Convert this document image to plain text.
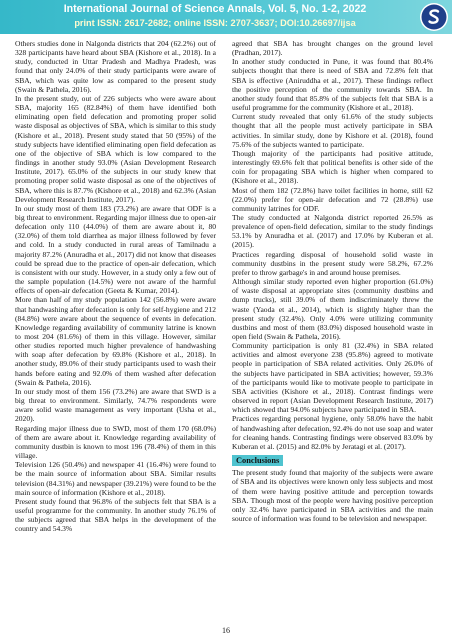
International Journal of Science Annals, Vol. 5, No. 1-2, 2022
print ISSN: 2617-2682; online ISSN: 2707-3637; DOI:10.26697/ijsa

Others studies done in Nalgonda districts that 204 (62.2%) out of 328 participants have heard about SBA (Kishore et al., 2018). In a study, conducted in Uttar Pradesh and Madhya Pradesh, was found that only 24.0% of their study participants were aware of SBA, which was quite low as compared to the present study (Swain & Pathela, 2016).

In the present study, out of 226 subjects who were aware about SBA, majority 165 (82.84%) of them have identified both eliminating open field defecation and promoting proper solid waste disposal as objectives of SBA, which is similar to this study (Kishore et al., 2018). Present study stated that 50 (95%) of the study subjects have identified eliminating open field defecation as one of the objective of SBA which is low compared to the findings in another study 93.0% (Asian Development Research Institute, 2017). 65.0% of the subjects in our study knew that promoting proper solid waste disposal as one of the objectives of SBA, where this is 87.7% (Kishore et al., 2018) and 62.3% (Asian Development Research Institute, 2017).

In our study most of them 183 (73.2%) are aware that ODF is a big threat to environment. Regarding major illness due to open-air defecation only 110 (44.0%) of them are aware about it, 80 (32.0%) of them told diarrhea as major illness followed by fever and cold. In a study conducted in rural areas of Tamilnadu a majority 87.2% (Anuradha et al., 2017) did not know that diseases could be spread due to the practice of open-air defecation, which is consistent with our study. However, in a study only a few out of the sample population (14.5%) were not aware of the harmful effects of open-air defecation (Geeta & Kumar, 2014).

More than half of my study population 142 (56.8%) were aware that handwashing after defecation is only for self-hygiene and 212 (84.8%) were aware about the sequence of events in defecation. Knowledge regarding availability of community latrine is known to most 204 (81.6%) of them in this village. However, similar other studies reported much higher prevalence of handwashing with soap after defecation by 69.8% (Kishore et al., 2018). In another study, 89.0% of their study participants used to wash their hands before eating and 92.0% of them washed after defecation (Swain & Pathela, 2016).

In our study most of them 156 (73.2%) are aware that SWD is a big threat to environment. Similarly, 74.7% respondents were aware solid waste management as very important (Usha et al., 2020).

Regarding major illness due to SWD, most of them 170 (68.0%) of them are aware about it. Knowledge regarding availability of community dustbin is known to most 196 (78.4%) of them in this village.

Television 126 (50.4%) and newspaper 41 (16.4%) were found to be the main source of information about SBA. Similar results television (84.31%) and newspaper (39.21%) were found to be the main source of information (Kishore et al., 2018).

Present study found that 96.8% of the subjects felt that SBA is a useful programme for the community. In another study 76.1% of the subjects agreed that SBA helps in the development of the country and 54.3%

agreed that SBA has brought changes on the ground level (Pradhan, 2017).

In another study conducted in Pune, it was found that 80.4% subjects thought that there is need of SBA and 72.8% felt that SBA is effective (Aniruddha et al., 2017). These findings reflect the positive perception of the community towards SBA. In another study found that 85.8% of the subjects felt that SBA is a useful programme for the community (Kishore et al., 2018).

Current study revealed that only 61.6% of the study subjects thought that all the people must actively participate in SBA activities. In similar study, done by Kishore et al. (2018), found 75.6% of the subjects wanted to participate.

Though majority of the participants had positive attitude, interestingly 69.6% felt that political benefits is other side of the coin for propagating SBA which is higher when compared to (Kishore et al., 2018).

Most of them 182 (72.8%) have toilet facilities in home, still 62 (22.0%) prefer for open-air defecation and 72 (28.8%) use community latrines for ODF.

The study conducted at Nalgonda district reported 26.5% as prevalence of open-field defecation, similar to the study findings 53.1% by Anuradha et al. (2017) and 17.0% by Kuberan et al. (2015).

Practices regarding disposal of household solid waste in community dustbins in the present study were 58.2%, 67.2% prefer to throw garbage's in and around house premises.

Although similar study reported even higher proportion (61.0%) of waste disposal at appropriate sites (community dustbins and dump trucks), still 39.0% of them indiscriminately threw the waste (Yaoda et al., 2014), which is slightly higher than the present study (32.4%). Only 4.0% were utilizing community dustbins and most of them (83.0%) disposed household waste in open field (Swain & Pathela, 2016).

Community participation is only 81 (32.4%) in SBA related activities and almost everyone 238 (95.8%) agreed to motivate people in participation of SBA related activities. Only 26.0% of the subjects have participated in SBA activities; however, 59.3% of the participants would like to motivate people to participate in SBA activities (Kishore et al., 2018). Contrast findings were observed in report (Asian Development Research Institute, 2017) which showed that 94.0% subjects have participated in SBA.

Practices regarding personal hygiene, only 58.0% have the habit of handwashing after defecation, 92.4% do not use soap and water for cleaning hands. Contrasting findings were observed 83.0% by Kuberan et al. (2015) and 82.0% by Jeratagi et al. (2017).

Conclusions

The present study found that majority of the subjects were aware of SBA and its objectives were known only less subjects and most of them were having positive attitude and perception towards SBA. Though most of the people were having positive perception only 32.4% have participated in SBA activities and the main source of information was found to be television and newspaper.

16
